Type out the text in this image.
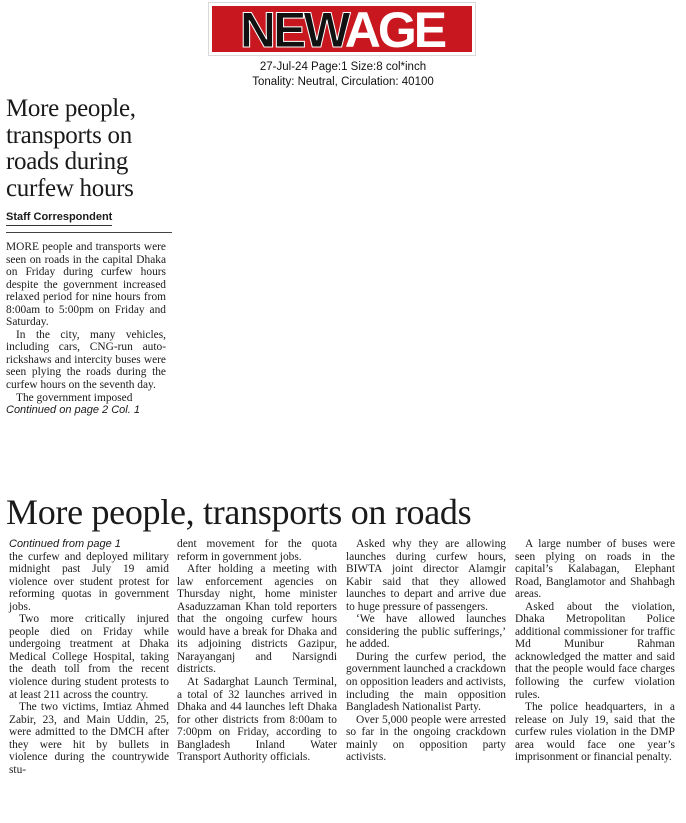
NEWAGE
27-Jul-24 Page:1 Size:8 col*inch
Tonality: Neutral, Circulation: 40100
More people, transports on roads during curfew hours
Staff Correspondent

MORE people and transports were seen on roads in the capital Dhaka on Friday during curfew hours despite the government increased relaxed period for nine hours from 8:00am to 5:00pm on Friday and Saturday.

In the city, many vehicles, including cars, CNG-run auto-rickshaws and intercity buses were seen plying the roads during the curfew hours on the seventh day.

The government imposed

Continued on page 2 Col. 1
More people, transports on roads
Continued from page 1

the curfew and deployed military midnight past July 19 amid violence over student protest for reforming quotas in government jobs.

Two more critically injured people died on Friday while undergoing treatment at Dhaka Medical College Hospital, taking the death toll from the recent violence during student protests to at least 211 across the country.

The two victims, Imtiaz Ahmed Zabir, 23, and Main Uddin, 25, were admitted to the DMCH after they were hit by bullets in violence during the countrywide stu-

dent movement for the quota reform in government jobs.

After holding a meeting with law enforcement agencies on Thursday night, home minister Asaduzzaman Khan told reporters that the ongoing curfew hours would have a break for Dhaka and its adjoining districts Gazipur, Narayanganj and Narsigndi districts.

At Sadarghat Launch Terminal, a total of 32 launches arrived in Dhaka and 44 launches left Dhaka for other districts from 8:00am to 7:00pm on Friday, according to Bangladesh Inland Water Transport Authority officials.

Asked why they are allowing launches during curfew hours, BIWTA joint director Alamgir Kabir said that they allowed launches to depart and arrive due to huge pressure of passengers.

‘We have allowed launches considering the public sufferings,’ he added.

During the curfew period, the government launched a crackdown on opposition leaders and activists, including the main opposition Bangladesh Nationalist Party.

Over 5,000 people were arrested so far in the ongoing crackdown mainly on opposition party activists.

A large number of buses were seen plying on roads in the capital’s Kalabagan, Elephant Road, Banglamotor and Shahbagh areas.

Asked about the violation, Dhaka Metropolitan Police additional commissioner for traffic Md Munibur Rahman acknowledged the matter and said that the people would face charges following the curfew violation rules.

The police headquarters, in a release on July 19, said that the curfew rules violation in the DMP area would face one year’s imprisonment or financial penalty.
